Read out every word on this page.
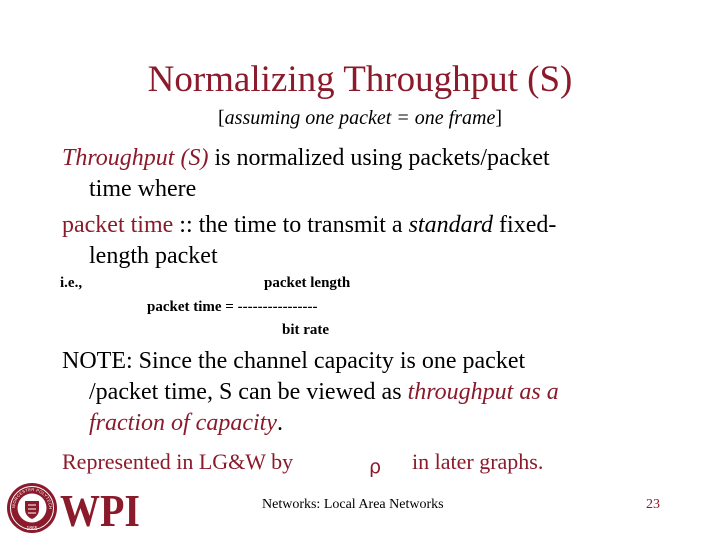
Normalizing Throughput (S)
[assuming one packet = one frame]
Throughput (S) is normalized using packets/packet
time where
packet time :: the time to transmit a standard fixed-
length packet
i.e.,	packet length
packet time = ----------------
bit rate
NOTE: Since the channel capacity is one packet
/packet time, S can be viewed as throughput as a
fraction of capacity.
Represented in LG&W by	ρ in later graphs.
WORCESTER POLYTECH
1865 WPI	Networks: Local Area Networks	23
